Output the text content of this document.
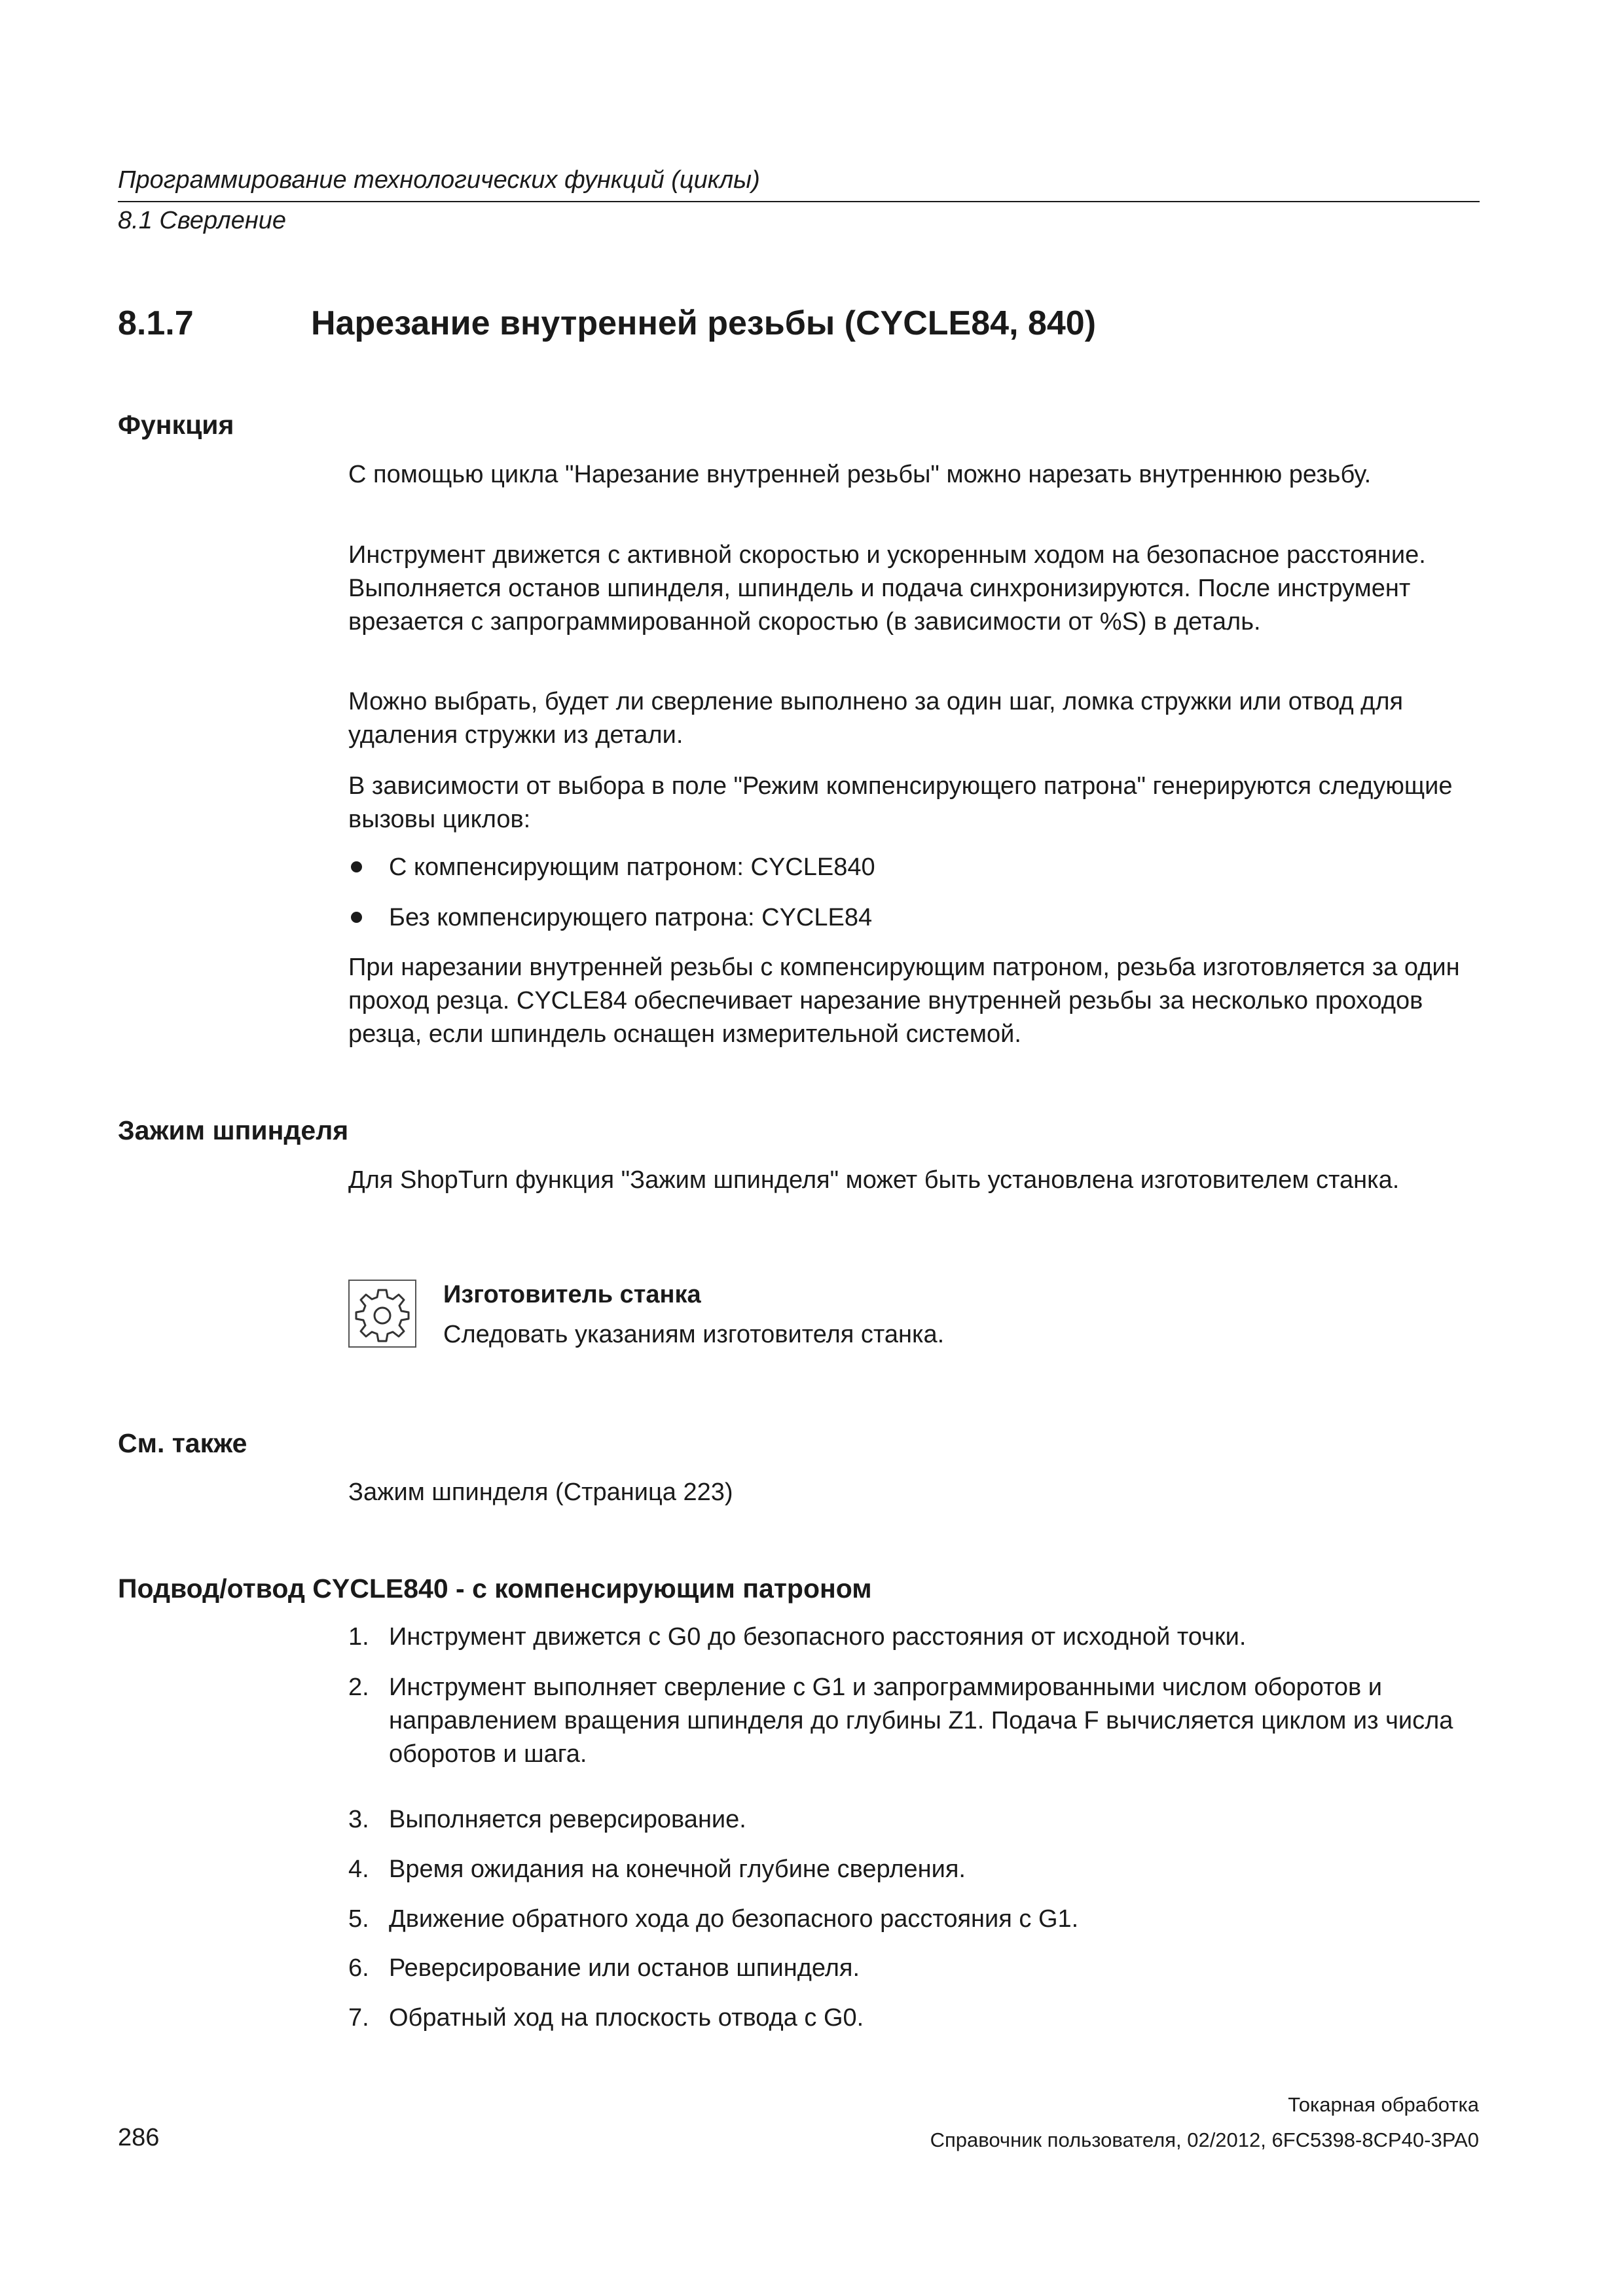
Программирование технологических функций (циклы)
8.1 Сверление
8.1.7	Нарезание внутренней резьбы (CYCLE84, 840)
Функция

С помощью цикла "Нарезание внутренней резьбы" можно нарезать внутреннюю резьбу.

Инструмент движется с активной скоростью и ускоренным ходом на безопасное расстояние. Выполняется останов шпинделя, шпиндель и подача синхронизируются. После инструмент врезается с запрограммированной скоростью (в зависимости от %S) в деталь.

Можно выбрать, будет ли сверление выполнено за один шаг, ломка стружки или отвод для удаления стружки из детали.

В зависимости от выбора в поле "Режим компенсирующего патрона" генерируются следующие вызовы циклов:

С компенсирующим патроном: CYCLE840
Без компенсирующего патрона: CYCLE84

При нарезании внутренней резьбы с компенсирующим патроном, резьба изготовляется за один проход резца. CYCLE84 обеспечивает нарезание внутренней резьбы за несколько проходов резца, если шпиндель оснащен измерительной системой.

Зажим шпинделя

Для ShopTurn функция "Зажим шпинделя" может быть установлена изготовителем станка.

Изготовитель станка
Следовать указаниям изготовителя станка.
См. также
Зажим шпинделя (Страница 223)
Подвод/отвод CYCLE840 - с компенсирующим патроном
1. Инструмент движется с G0 до безопасного расстояния от исходной точки.
2. Инструмент выполняет сверление с G1 и запрограммированными числом оборотов и направлением вращения шпинделя до глубины Z1. Подача F вычисляется циклом из числа оборотов и шага.
3. Выполняется реверсирование.
4. Время ожидания на конечной глубине сверления.
5. Движение обратного хода до безопасного расстояния с G1.
6. Реверсирование или останов шпинделя.
7. Обратный ход на плоскость отвода с G0.
Токарная обработка
Справочник пользователя, 02/2012, 6FC5398-8CP40-3PA0
286
